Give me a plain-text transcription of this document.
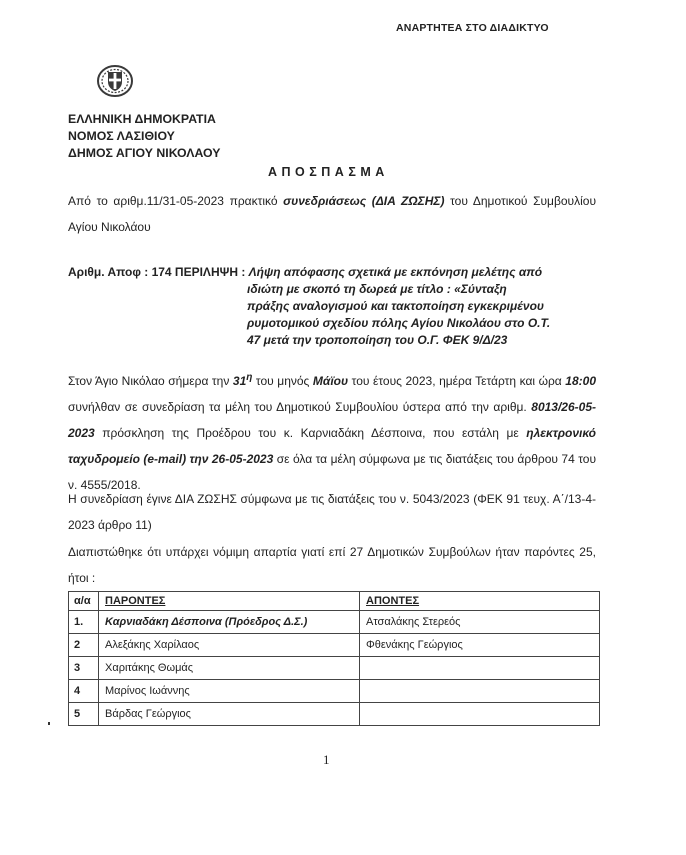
ΑΝΑΡΤΗΤΕΑ ΣΤΟ ΔΙΑΔΙΚΤΥΟ
ΕΛΛΗΝΙΚΗ ΔΗΜΟΚΡΑΤΙΑ
ΝΟΜΟΣ ΛΑΣΙΘΙΟΥ
ΔΗΜΟΣ ΑΓΙΟΥ ΝΙΚΟΛΑΟΥ
ΑΠΟΣΠΑΣΜΑ
Από το αριθμ.11/31-05-2023 πρακτικό συνεδριάσεως (ΔΙΑ ΖΩΣΗΣ) του Δημοτικού Συμβουλίου Αγίου Νικολάου
Αριθμ. Αποφ : 174 ΠΕΡΙΛΗΨΗ : Λήψη απόφασης σχετικά με εκπόνηση μελέτης από
ιδιώτη με σκοπό τη δωρεά με τίτλο : «Σύνταξη
πράξης αναλογισμού και τακτοποίηση εγκεκριμένου
ρυμοτομικού σχεδίου πόλης Αγίου Νικολάου στο Ο.Τ.
47 μετά την τροποποίηση του Ο.Γ. ΦΕΚ 9/Δ/23
Στον Άγιο Νικόλαο σήμερα την $31^\eta$ του μηνός Μάϊου του έτους 2023, ημέρα Τετάρτη και ώρα 18:00 συνήλθαν σε συνεδρίαση τα μέλη του Δημοτικού Συμβουλίου ύστερα από την αριθμ. 8013/26-05-2023 πρόσκληση της Προέδρου του κ. Καρνιαδάκη Δέσποινα, που εστάλη με ηλεκτρονικό ταχυδρομείο (e-mail) την 26-05-2023 σε όλα τα μέλη σύμφωνα με τις διατάξεις του άρθρου 74 του ν. 4555/2018.
Η συνεδρίαση έγινε ΔΙΑ ΖΩΣΗΣ σύμφωνα με τις διατάξεις του ν. 5043/2023 (ΦΕΚ 91 τευχ. Α΄/13-4-2023 άρθρο 11)
Διαπιστώθηκε ότι υπάρχει νόμιμη απαρτία γιατί επί 27 Δημοτικών Συμβούλων ήταν παρόντες 25, ήτοι :
α/α	ΠΑΡΟΝΤΕΣ	ΑΠΟΝΤΕΣ
1.	Καρνιαδάκη Δέσποινα (Πρόεδρος Δ.Σ.)	Ατσαλάκης Στερεός
2	Αλεξάκης Χαρίλαος	Φθενάκης Γεώργιος
3	Χαριτάκης Θωμάς	
4	Μαρίνος Ιωάννης	
5	Βάρδας Γεώργιος	
1
